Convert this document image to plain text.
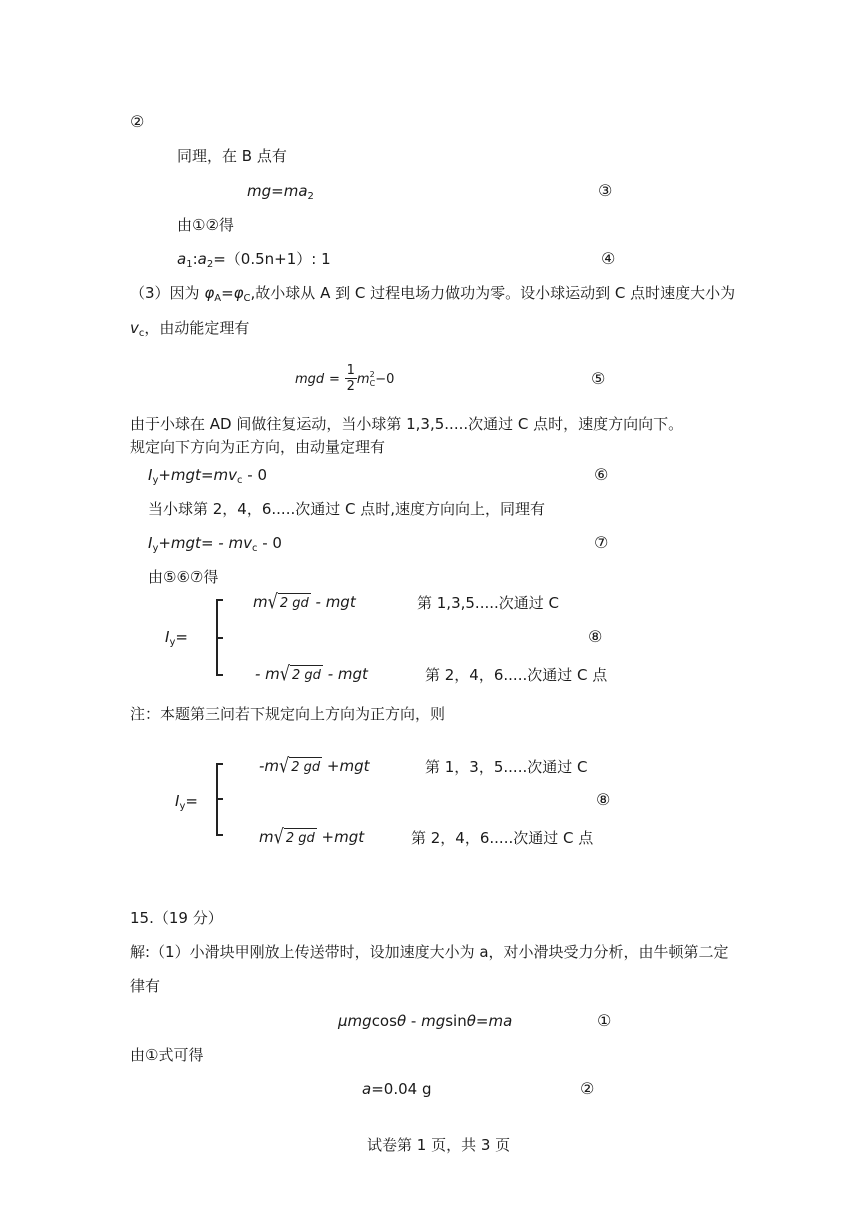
②
同理，在 B 点有
$mg=ma_2$	③
由①②得
$a_1:a_2=(0.5n+1)$: 1	④
（3）因为 $\varphi_A=\varphi_C$,故小球从 A 到 C 过程电场力做功为零。设小球运动到 C 点时速度大小为
$v_c$，由动能定理有
mgd = $\frac{1}{2}$ m 2
C −0	⑤
由于小球在 AD 间做往复运动，当小球第 1,3,5.....次通过 C 点时，速度方向向下。
规定向下方向为正方向，由动量定理有
$I_y+mgt=mv_c - 0$	⑥
当小球第 2，4，6.....次通过 C 点时,速度方向向上，同理有
$I_y+mgt= - mv_c - 0$	⑦
由⑤⑥⑦得
$I_y=$
m√ 2 gd - mgt	第 1,3,5.....次通过 C
⑧
- m√ 2 gd - mgt	第 2，4，6.....次通过 C 点
注：本题第三问若下规定向上方向为正方向，则
$I_y=$
-m√ 2 gd +mgt	第 1，3，5.....次通过 C
⑧
m√ 2 gd +mgt	第 2，4，6.....次通过 C 点
15.（19 分）
解:（1）小滑块甲刚放上传送带时，设加速度大小为 a，对小滑块受力分析，由牛顿第二定
律有
μmgcosθ - mgsinθ=ma	①
由①式可得
a=0.04 g	②
试卷第 1 页，共 3 页
